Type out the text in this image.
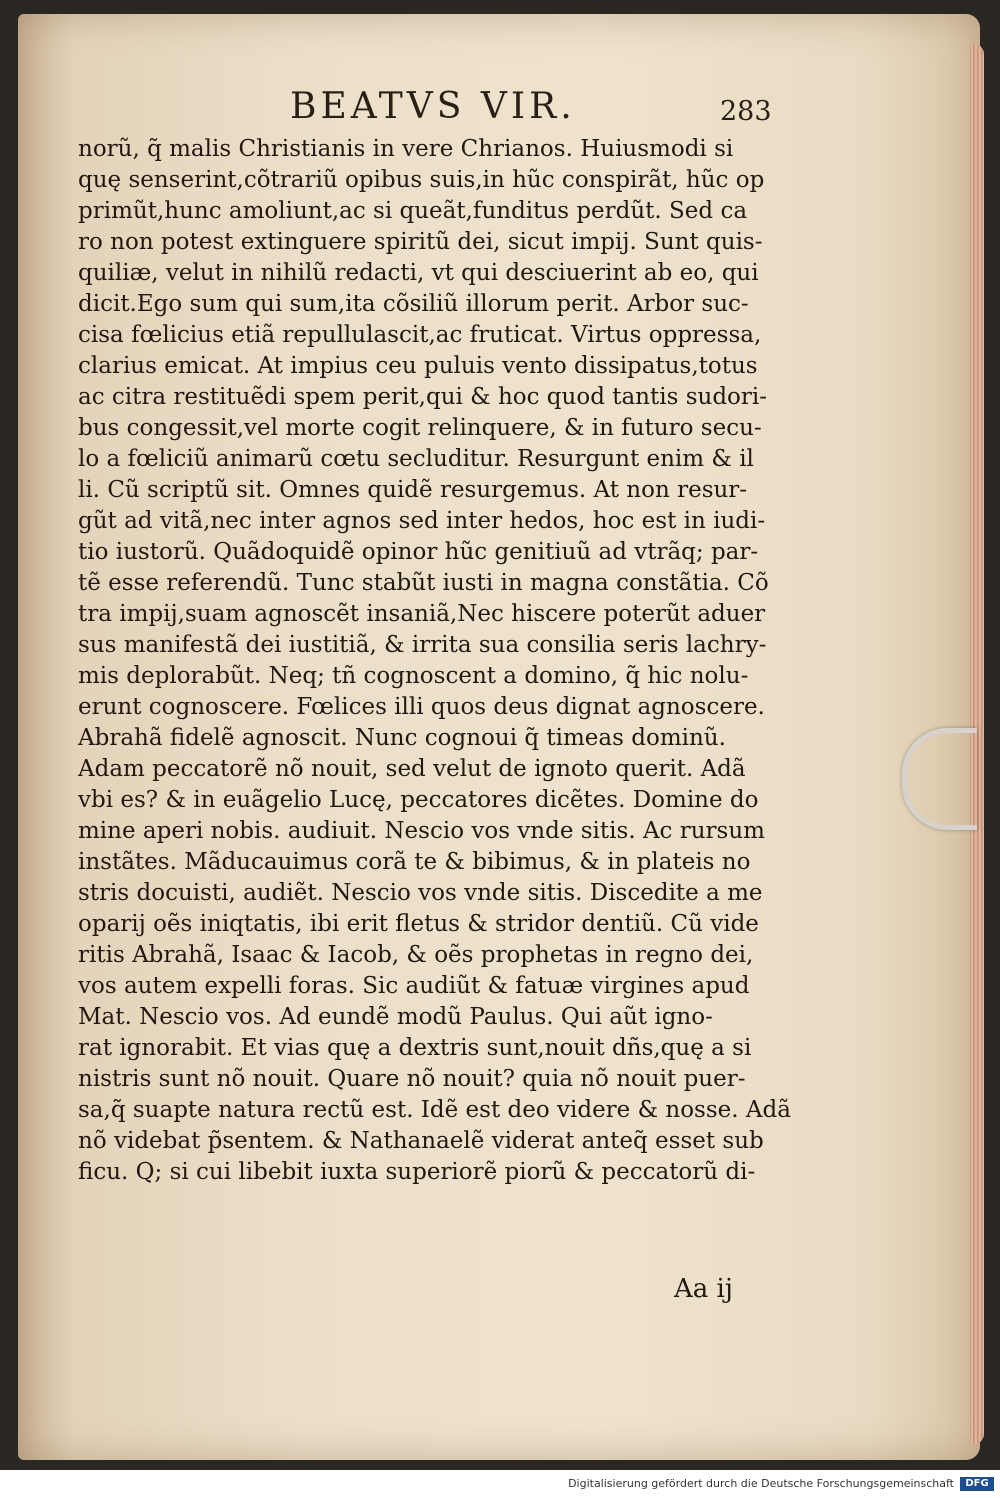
BEATVS VIR.	283
norũ, q̃ malis Christianis in vere Chrianos. Huiusmodi si
quę senserint,cõtrariũ opibus suis,in hũc conspirãt, hũc op
primũt,hunc amoliunt,ac si queãt,funditus perdũt. Sed ca
ro non potest extinguere spiritũ dei, sicut impij. Sunt quis-
quiliæ, velut in nihilũ redacti, vt qui desciuerint ab eo, qui
dicit.Ego sum qui sum,ita cõsiliũ illorum perit. Arbor suc-
cisa fœlicius etiã repullulascit,ac fruticat. Virtus oppressa,
clarius emicat. At impius ceu puluis vento dissipatus,totus
ac citra restituẽdi spem perit,qui & hoc quod tantis sudori-
bus congessit,vel morte cogit relinquere, & in futuro secu-
lo a fœliciũ animarũ cœtu secluditur. Resurgunt enim & il
li. Cũ scriptũ sit. Omnes quidẽ resurgemus. At non resur-
gũt ad vitã,nec inter agnos sed inter hedos, hoc est in iudi-
tio iustorũ. Quãdoquidẽ opinor hũc genitiuũ ad vtrãq; par-
tẽ esse referendũ. Tunc stabũt iusti in magna constãtia. Cõ
tra impij,suam agnoscẽt insaniã,Nec hiscere poterũt aduer
sus manifestã dei iustitiã, & irrita sua consilia seris lachry-
mis deplorabũt. Neq; tñ cognoscent a domino, q̃ hic nolu-
erunt cognoscere. Fœlices illi quos deus dignat agnoscere.
Abrahã fidelẽ agnoscit. Nunc cognoui q̃ timeas dominũ.
Adam peccatorẽ nõ nouit, sed velut de ignoto querit. Adã
vbi es? & in euãgelio Lucę, peccatores dicẽtes. Domine do
mine aperi nobis. audiuit. Nescio vos vnde sitis. Ac rursum
instãtes. Mãducauimus corã te & bibimus, & in plateis no
stris docuisti, audiẽt. Nescio vos vnde sitis. Discedite a me
oparij oẽs iniqtatis, ibi erit fletus & stridor dentiũ. Cũ vide
ritis Abrahã, Isaac & Iacob, & oẽs prophetas in regno dei,
vos autem expelli foras. Sic audiũt & fatuæ virgines apud
Mat. Nescio vos. Ad eundẽ modũ Paulus. Qui aũt igno-
rat ignorabit. Et vias quę a dextris sunt,nouit dñs,quę a si
nistris sunt nõ nouit. Quare nõ nouit? quia nõ nouit puer-
sa,q̃ suapte natura rectũ est. Idẽ est deo videre & nosse. Adã
nõ videbat p̃sentem. & Nathanaelẽ viderat anteq̃ esset sub
ficu. Q; si cui libebit iuxta superiorẽ piorũ & peccatorũ di-
Aa ij
Digitalisierung gefördert durch die Deutsche Forschungsgemeinschaft	DFG
